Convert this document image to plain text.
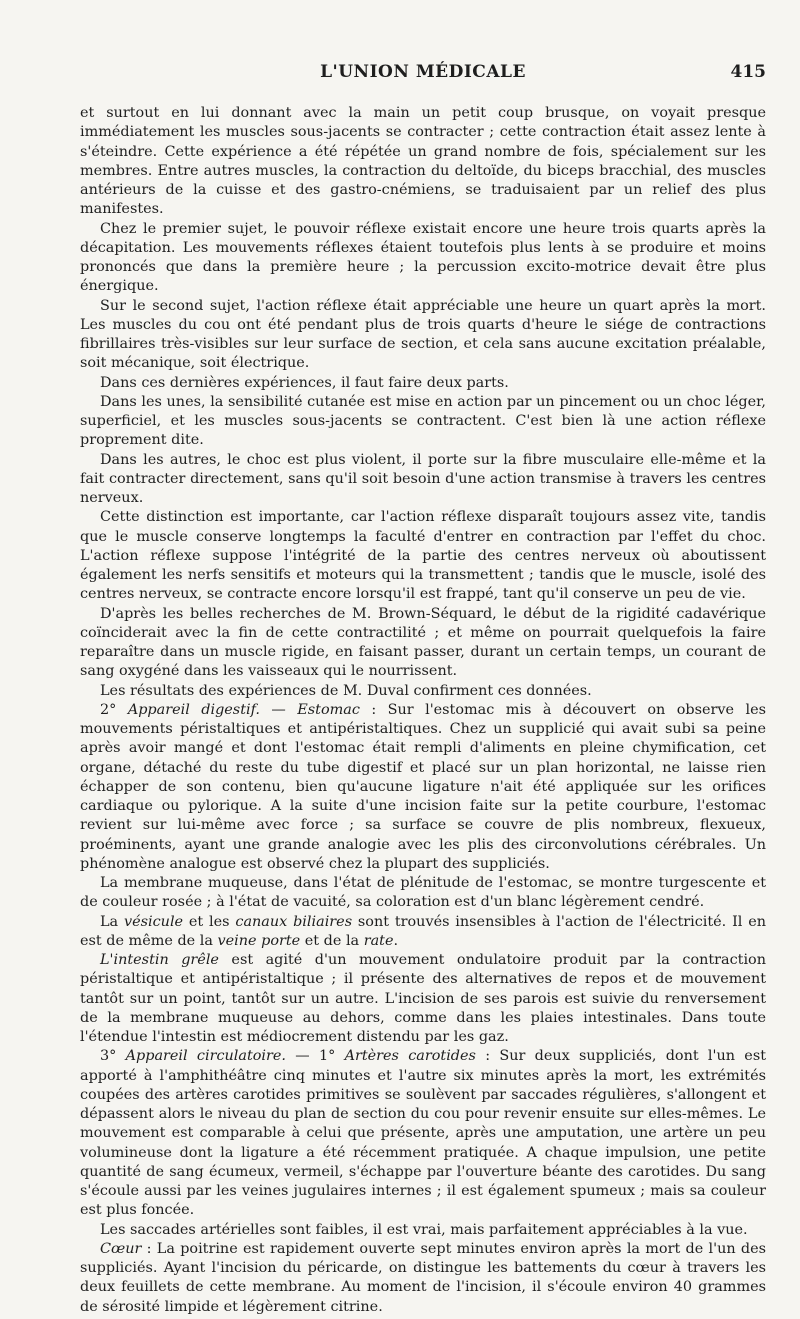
L'UNION MÉDICALE	415

et surtout en lui donnant avec la main un petit coup brusque, on voyait presque immédiatement les muscles sous-jacents se contracter ; cette contraction était assez lente à s'éteindre. Cette expérience a été répétée un grand nombre de fois, spécialement sur les membres. Entre autres muscles, la contraction du deltoïde, du biceps bracchial, des muscles antérieurs de la cuisse et des gastro-cnémiens, se traduisaient par un relief des plus manifestes.

Chez le premier sujet, le pouvoir réflexe existait encore une heure trois quarts après la décapitation. Les mouvements réflexes étaient toutefois plus lents à se produire et moins prononcés que dans la première heure ; la percussion excito-motrice devait être plus énergique.

Sur le second sujet, l'action réflexe était appréciable une heure un quart après la mort. Les muscles du cou ont été pendant plus de trois quarts d'heure le siége de contractions fibrillaires très-visibles sur leur surface de section, et cela sans aucune excitation préalable, soit mécanique, soit électrique.

Dans ces dernières expériences, il faut faire deux parts.

Dans les unes, la sensibilité cutanée est mise en action par un pincement ou un choc léger, superficiel, et les muscles sous-jacents se contractent. C'est bien là une action réflexe proprement dite.

Dans les autres, le choc est plus violent, il porte sur la fibre musculaire elle-même et la fait contracter directement, sans qu'il soit besoin d'une action transmise à travers les centres nerveux.

Cette distinction est importante, car l'action réflexe disparaît toujours assez vite, tandis que le muscle conserve longtemps la faculté d'entrer en contraction par l'effet du choc. L'action réflexe suppose l'intégrité de la partie des centres nerveux où aboutissent également les nerfs sensitifs et moteurs qui la transmettent ; tandis que le muscle, isolé des centres nerveux, se contracte encore lorsqu'il est frappé, tant qu'il conserve un peu de vie.

D'après les belles recherches de M. Brown-Séquard, le début de la rigidité cadavérique coïnciderait avec la fin de cette contractilité ; et même on pourrait quelquefois la faire reparaître dans un muscle rigide, en faisant passer, durant un certain temps, un courant de sang oxygéné dans les vaisseaux qui le nourrissent.

Les résultats des expériences de M. Duval confirment ces données.

2° Appareil digestif. — Estomac : Sur l'estomac mis à découvert on observe les mouvements péristaltiques et antipéristaltiques. Chez un supplicié qui avait subi sa peine après avoir mangé et dont l'estomac était rempli d'aliments en pleine chymification, cet organe, détaché du reste du tube digestif et placé sur un plan horizontal, ne laisse rien échapper de son contenu, bien qu'aucune ligature n'ait été appliquée sur les orifices cardiaque ou pylorique. A la suite d'une incision faite sur la petite courbure, l'estomac revient sur lui-même avec force ; sa surface se couvre de plis nombreux, flexueux, proéminents, ayant une grande analogie avec les plis des circonvolutions cérébrales. Un phénomène analogue est observé chez la plupart des suppliciés.

La membrane muqueuse, dans l'état de plénitude de l'estomac, se montre turgescente et de couleur rosée ; à l'état de vacuité, sa coloration est d'un blanc légèrement cendré.

La vésicule et les canaux biliaires sont trouvés insensibles à l'action de l'électricité. Il en est de même de la veine porte et de la rate.

L'intestin grêle est agité d'un mouvement ondulatoire produit par la contraction péristaltique et antipéristaltique ; il présente des alternatives de repos et de mouvement tantôt sur un point, tantôt sur un autre. L'incision de ses parois est suivie du renversement de la membrane muqueuse au dehors, comme dans les plaies intestinales. Dans toute l'étendue l'intestin est médiocrement distendu par les gaz.

3° Appareil circulatoire. — 1° Artères carotides : Sur deux suppliciés, dont l'un est apporté à l'amphithéâtre cinq minutes et l'autre six minutes après la mort, les extrémités coupées des artères carotides primitives se soulèvent par saccades régulières, s'allongent et dépassent alors le niveau du plan de section du cou pour revenir ensuite sur elles-mêmes. Le mouvement est comparable à celui que présente, après une amputation, une artère un peu volumineuse dont la ligature a été récemment pratiquée. A chaque impulsion, une petite quantité de sang écumeux, vermeil, s'échappe par l'ouverture béante des carotides. Du sang s'écoule aussi par les veines jugulaires internes ; il est également spumeux ; mais sa couleur est plus foncée.

Les saccades artérielles sont faibles, il est vrai, mais parfaitement appréciables à la vue.

Cœur : La poitrine est rapidement ouverte sept minutes environ après la mort de l'un des suppliciés. Ayant l'incision du péricarde, on distingue les battements du cœur à travers les deux feuillets de cette membrane. Au moment de l'incision, il s'écoule environ 40 grammes de sérosité limpide et légèrement citrine.
